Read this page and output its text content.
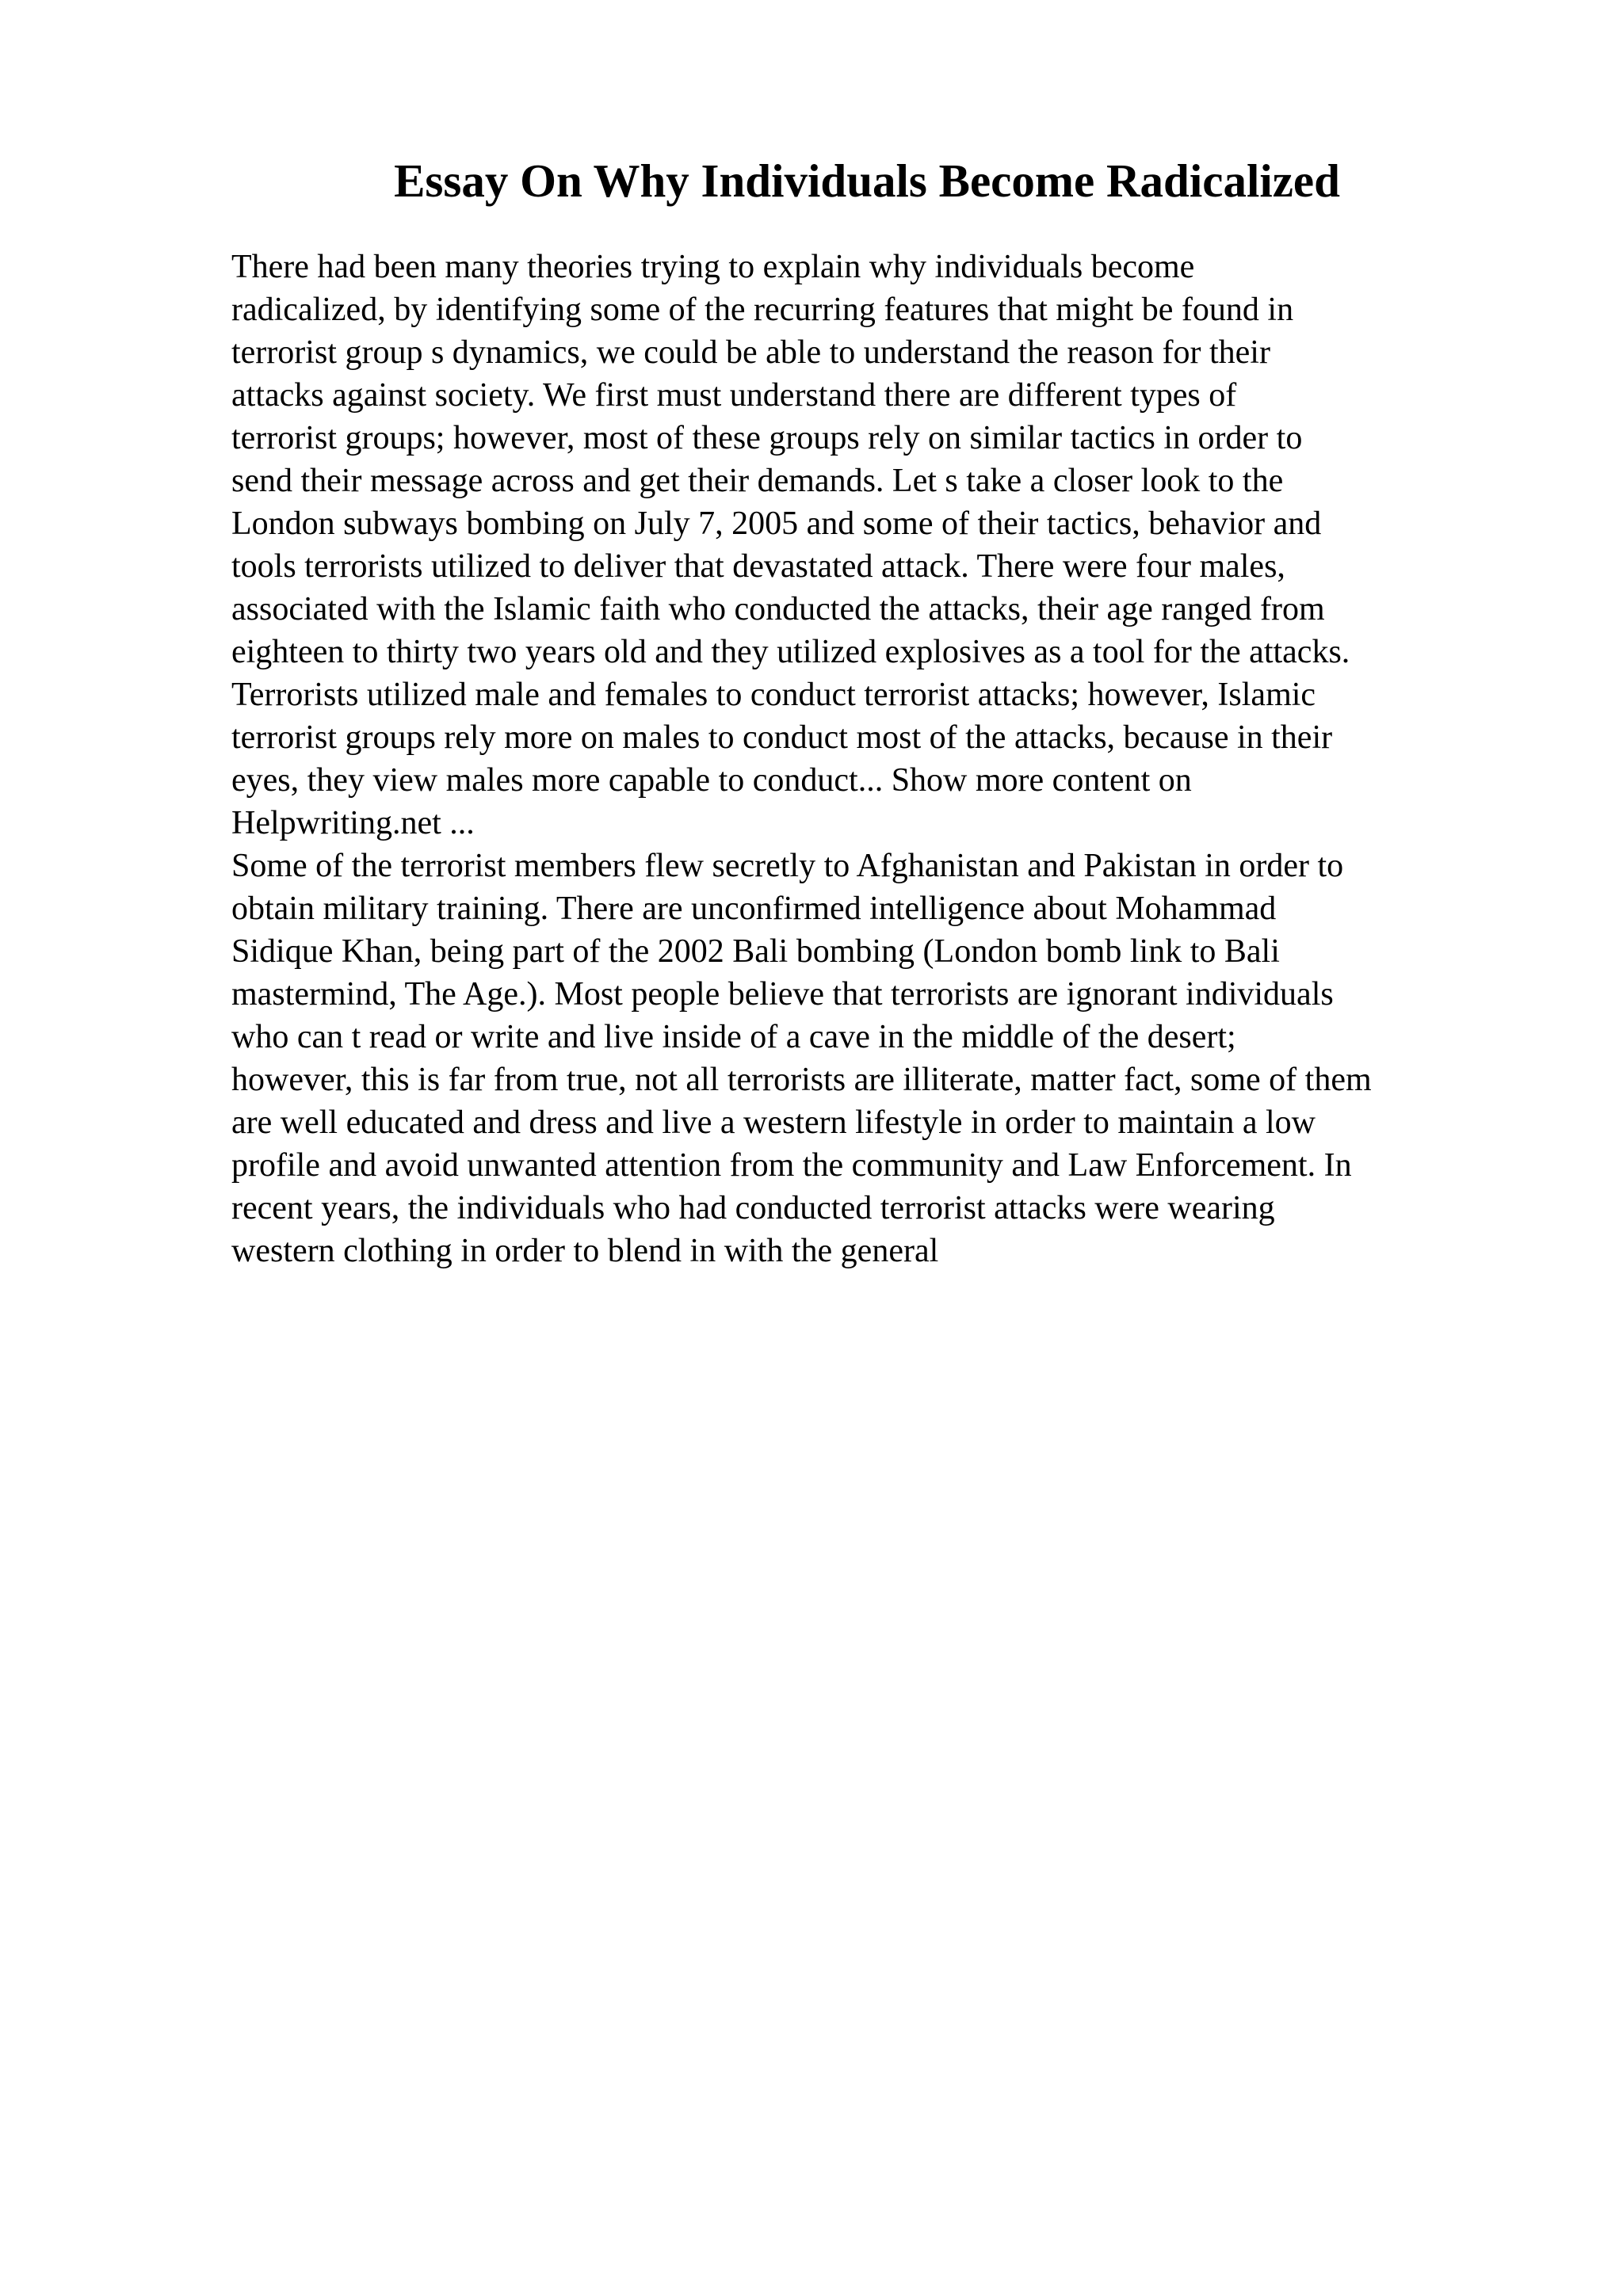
Essay On Why Individuals Become Radicalized

There had been many theories trying to explain why individuals become
radicalized, by identifying some of the recurring features that might be found in
terrorist group s dynamics, we could be able to understand the reason for their
attacks against society. We first must understand there are different types of
terrorist groups; however, most of these groups rely on similar tactics in order to
send their message across and get their demands. Let s take a closer look to the
London subways bombing on July 7, 2005 and some of their tactics, behavior and
tools terrorists utilized to deliver that devastated attack. There were four males,
associated with the Islamic faith who conducted the attacks, their age ranged from
eighteen to thirty two years old and they utilized explosives as a tool for the attacks.
Terrorists utilized male and females to conduct terrorist attacks; however, Islamic
terrorist groups rely more on males to conduct most of the attacks, because in their
eyes, they view males more capable to conduct... Show more content on
Helpwriting.net ...

Some of the terrorist members flew secretly to Afghanistan and Pakistan in order to
obtain military training. There are unconfirmed intelligence about Mohammad
Sidique Khan, being part of the 2002 Bali bombing (London bomb link to Bali
mastermind, The Age.). Most people believe that terrorists are ignorant individuals
who can t read or write and live inside of a cave in the middle of the desert;
however, this is far from true, not all terrorists are illiterate, matter fact, some of them
are well educated and dress and live a western lifestyle in order to maintain a low
profile and avoid unwanted attention from the community and Law Enforcement. In
recent years, the individuals who had conducted terrorist attacks were wearing
western clothing in order to blend in with the general
